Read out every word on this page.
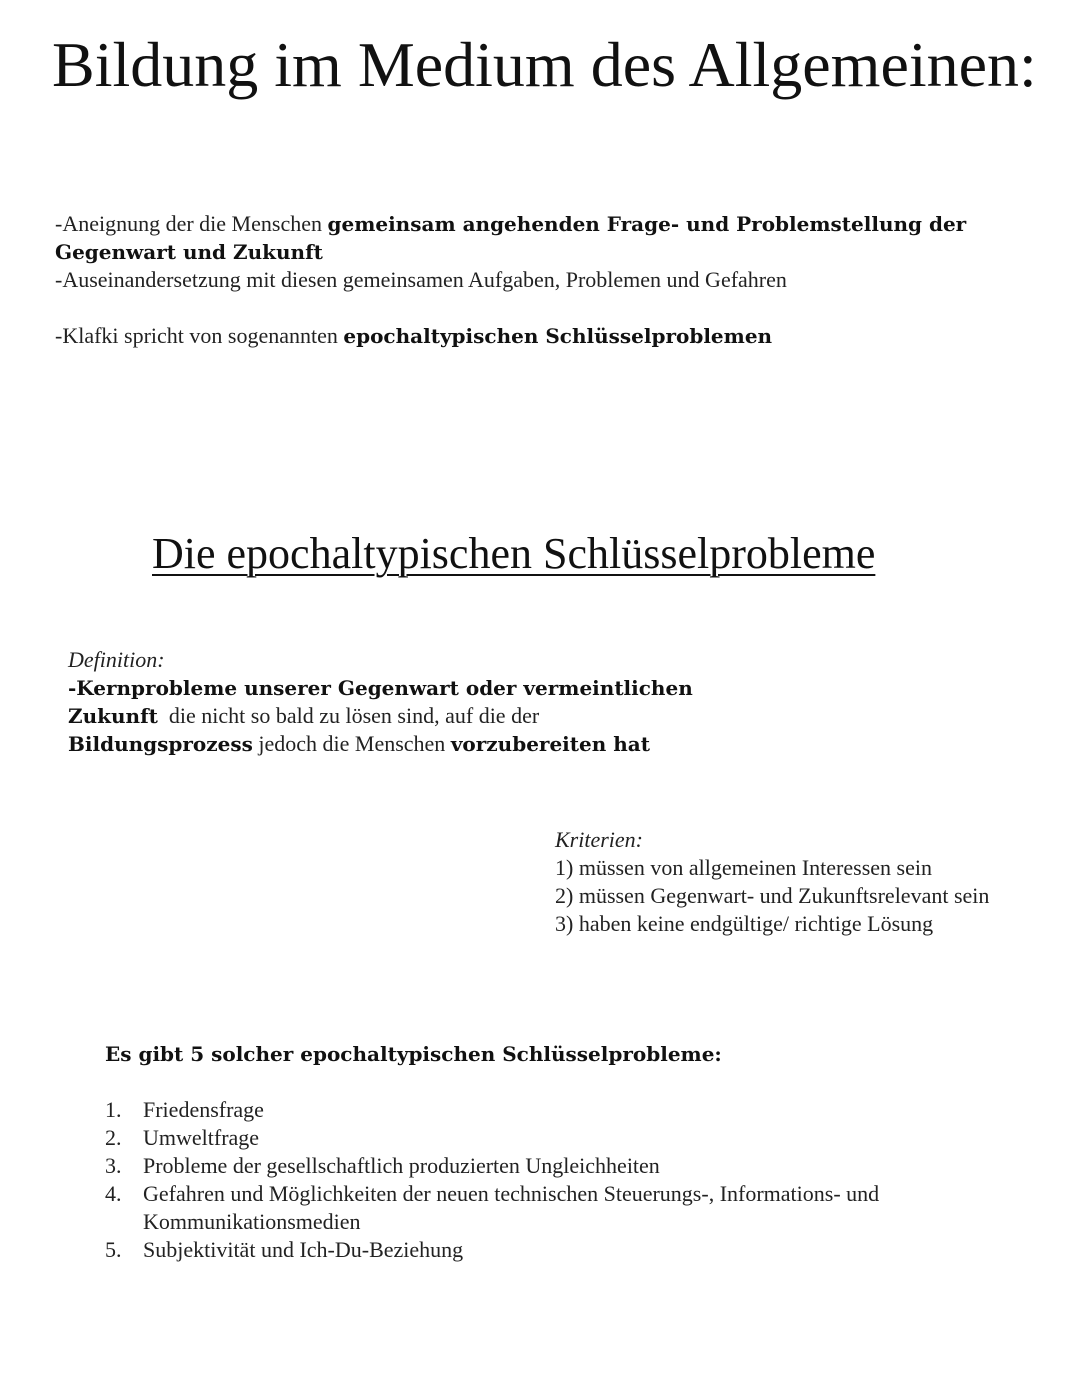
Bildung im Medium des Allgemeinen:
-Aneignung der die Menschen gemeinsam angehenden Frage- und Problemstellung der
Gegenwart und Zukunft
-Auseinandersetzung mit diesen gemeinsamen Aufgaben, Problemen und Gefahren
-Klafki spricht von sogenannten epochaltypischen Schlüsselproblemen
Die epochaltypischen Schlüsselprobleme
Definition:
-Kernprobleme unserer Gegenwart oder vermeintlichen
Zukunft  die nicht so bald zu lösen sind, auf die der
Bildungsprozess jedoch die Menschen vorzubereiten hat
Kriterien:
1) müssen von allgemeinen Interessen sein
2) müssen Gegenwart- und Zukunftsrelevant sein
3) haben keine endgültige/ richtige Lösung
Es gibt 5 solcher epochaltypischen Schlüsselprobleme:
1. Friedensfrage
2. Umweltfrage
3. Probleme der gesellschaftlich produzierten Ungleichheiten
4. Gefahren und Möglichkeiten der neuen technischen Steuerungs-, Informations- und Kommunikationsmedien
5. Subjektivität und Ich-Du-Beziehung
